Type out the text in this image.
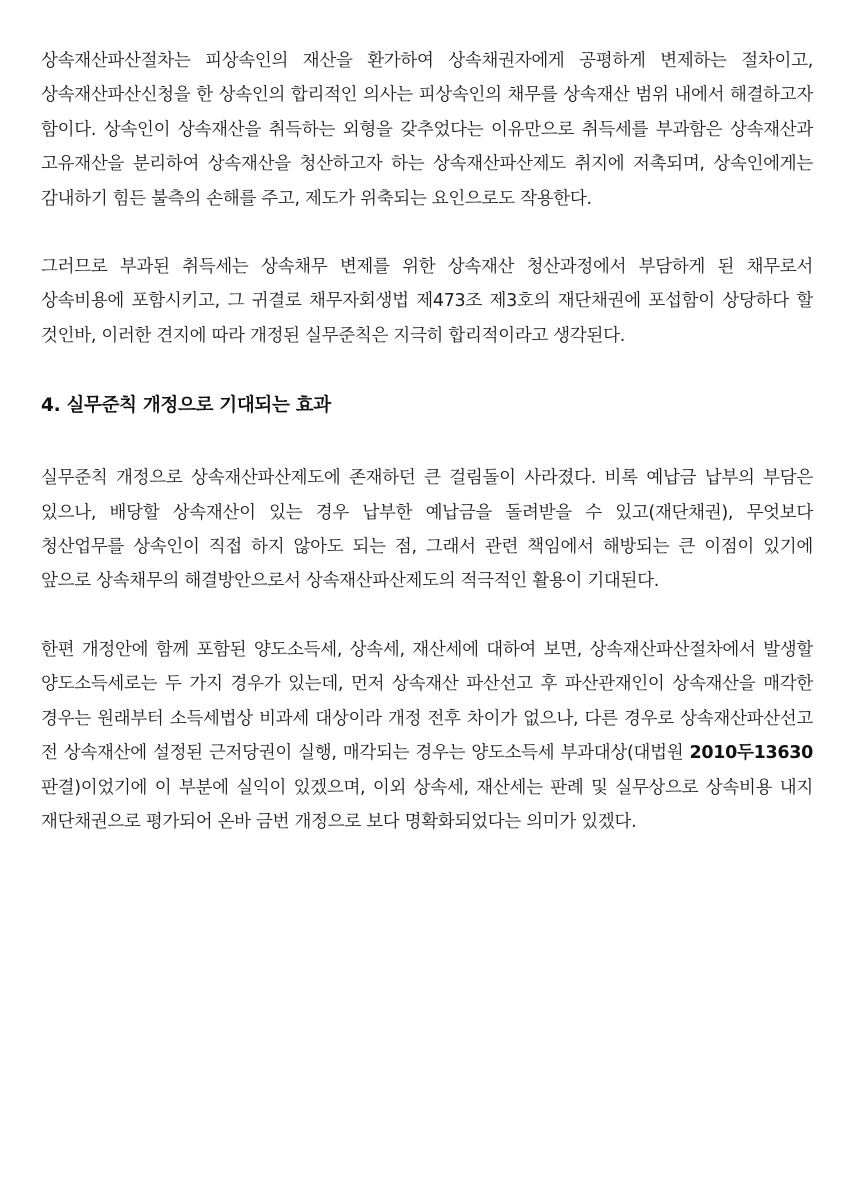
상속재산파산절차는 피상속인의 재산을 환가하여 상속채권자에게 공평하게 변제하는 절차이고, 상속재산파산신청을 한 상속인의 합리적인 의사는 피상속인의 채무를 상속재산 범위 내에서 해결하고자 함이다. 상속인이 상속재산을 취득하는 외형을 갖추었다는 이유만으로 취득세를 부과함은 상속재산과 고유재산을 분리하여 상속재산을 청산하고자 하는 상속재산파산제도 취지에 저촉되며, 상속인에게는 감내하기 힘든 불측의 손해를 주고, 제도가 위축되는 요인으로도 작용한다.

그러므로 부과된 취득세는 상속채무 변제를 위한 상속재산 청산과정에서 부담하게 된 채무로서 상속비용에 포함시키고, 그 귀결로 채무자회생법 제473조 제3호의 재단채권에 포섭함이 상당하다 할 것인바, 이러한 견지에 따라 개정된 실무준칙은 지극히 합리적이라고 생각된다.

4. 실무준칙 개정으로 기대되는 효과

실무준칙 개정으로 상속재산파산제도에 존재하던 큰 걸림돌이 사라졌다. 비록 예납금 납부의 부담은 있으나, 배당할 상속재산이 있는 경우 납부한 예납금을 돌려받을 수 있고(재단채권), 무엇보다 청산업무를 상속인이 직접 하지 않아도 되는 점, 그래서 관련 책임에서 해방되는 큰 이점이 있기에 앞으로 상속채무의 해결방안으로서 상속재산파산제도의 적극적인 활용이 기대된다.

한편 개정안에 함께 포함된 양도소득세, 상속세, 재산세에 대하여 보면, 상속재산파산절차에서 발생할 양도소득세로는 두 가지 경우가 있는데, 먼저 상속재산 파산선고 후 파산관재인이 상속재산을 매각한 경우는 원래부터 소득세법상 비과세 대상이라 개정 전후 차이가 없으나, 다른 경우로 상속재산파산선고 전 상속재산에 설정된 근저당권이 실행, 매각되는 경우는 양도소득세 부과대상(대법원 2010두13630 판결)이었기에 이 부분에 실익이 있겠으며, 이외 상속세, 재산세는 판례 및 실무상으로 상속비용 내지 재단채권으로 평가되어 온바 금번 개정으로 보다 명확화되었다는 의미가 있겠다.
